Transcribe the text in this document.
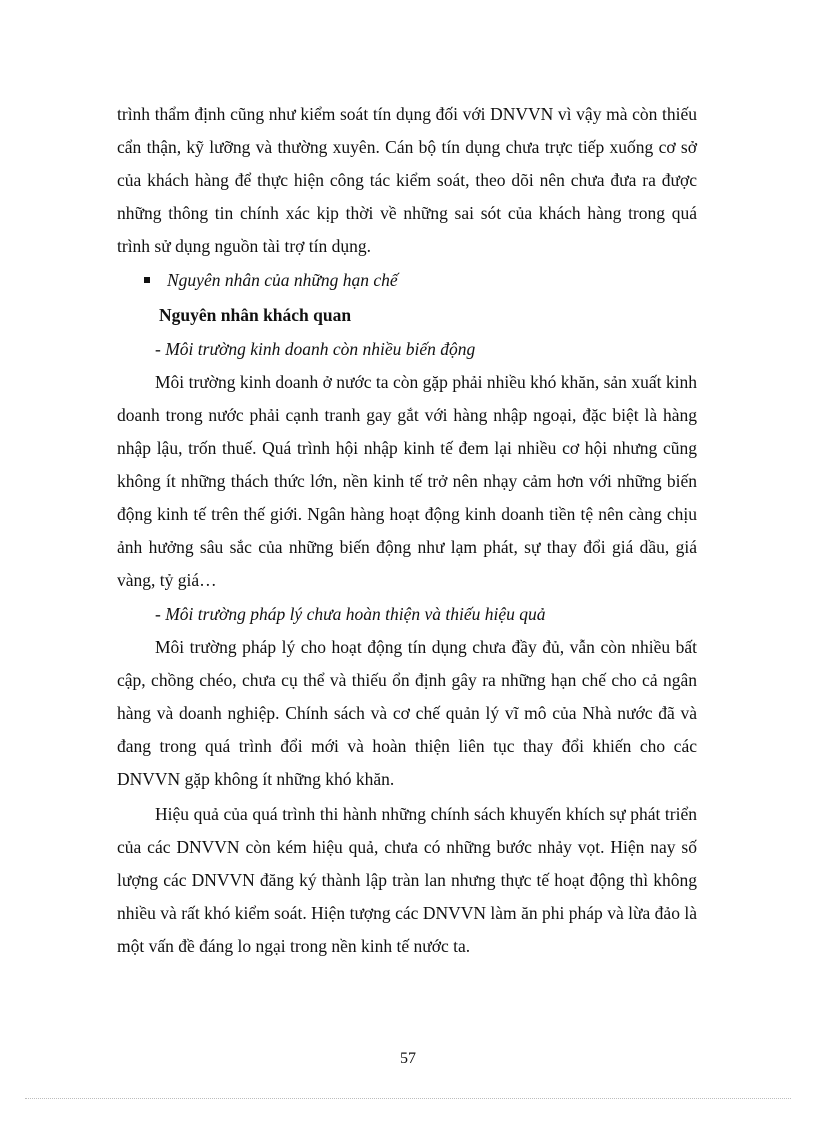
trình thẩm định cũng như kiểm soát tín dụng đối với DNVVN vì vậy mà còn thiếu cẩn thận, kỹ lưỡng và thường xuyên. Cán bộ tín dụng chưa trực tiếp xuống cơ sở của khách hàng để thực hiện công tác kiểm soát, theo dõi nên chưa đưa ra được những thông tin chính xác kịp thời về những sai sót của khách hàng trong quá trình sử dụng nguồn tài trợ tín dụng.

Nguyên nhân của những hạn chế
Nguyên nhân khách quan
- Môi trường kinh doanh còn nhiều biến động

Môi trường kinh doanh ở nước ta còn gặp phải nhiều khó khăn, sản xuất kinh doanh trong nước phải cạnh tranh gay gắt với hàng nhập ngoại, đặc biệt là hàng nhập lậu, trốn thuế. Quá trình hội nhập kinh tế đem lại nhiều cơ hội nhưng cũng không ít những thách thức lớn, nền kinh tế trở nên nhạy cảm hơn với những biến động kinh tế trên thế giới. Ngân hàng hoạt động kinh doanh tiền tệ nên càng chịu ảnh hưởng sâu sắc của những biến động như lạm phát, sự thay đổi giá dầu, giá vàng, tỷ giá…

- Môi trường pháp lý chưa hoàn thiện và thiếu hiệu quả

Môi trường pháp lý cho hoạt động tín dụng chưa đầy đủ, vẫn còn nhiều bất cập, chồng chéo, chưa cụ thể và thiếu ổn định gây ra những hạn chế cho cả ngân hàng và doanh nghiệp. Chính sách và cơ chế quản lý vĩ mô của Nhà nước đã và đang trong quá trình đổi mới và hoàn thiện liên tục thay đổi khiến cho các DNVVN gặp không ít những khó khăn.

Hiệu quả của quá trình thi hành những chính sách khuyến khích sự phát triển của các DNVVN còn kém hiệu quả, chưa có những bước nhảy vọt. Hiện nay số lượng các DNVVN đăng ký thành lập tràn lan nhưng thực tế hoạt động thì không nhiều và rất khó kiểm soát. Hiện tượng các DNVVN làm ăn phi pháp và lừa đảo là một vấn đề đáng lo ngại trong nền kinh tế nước ta.

57
